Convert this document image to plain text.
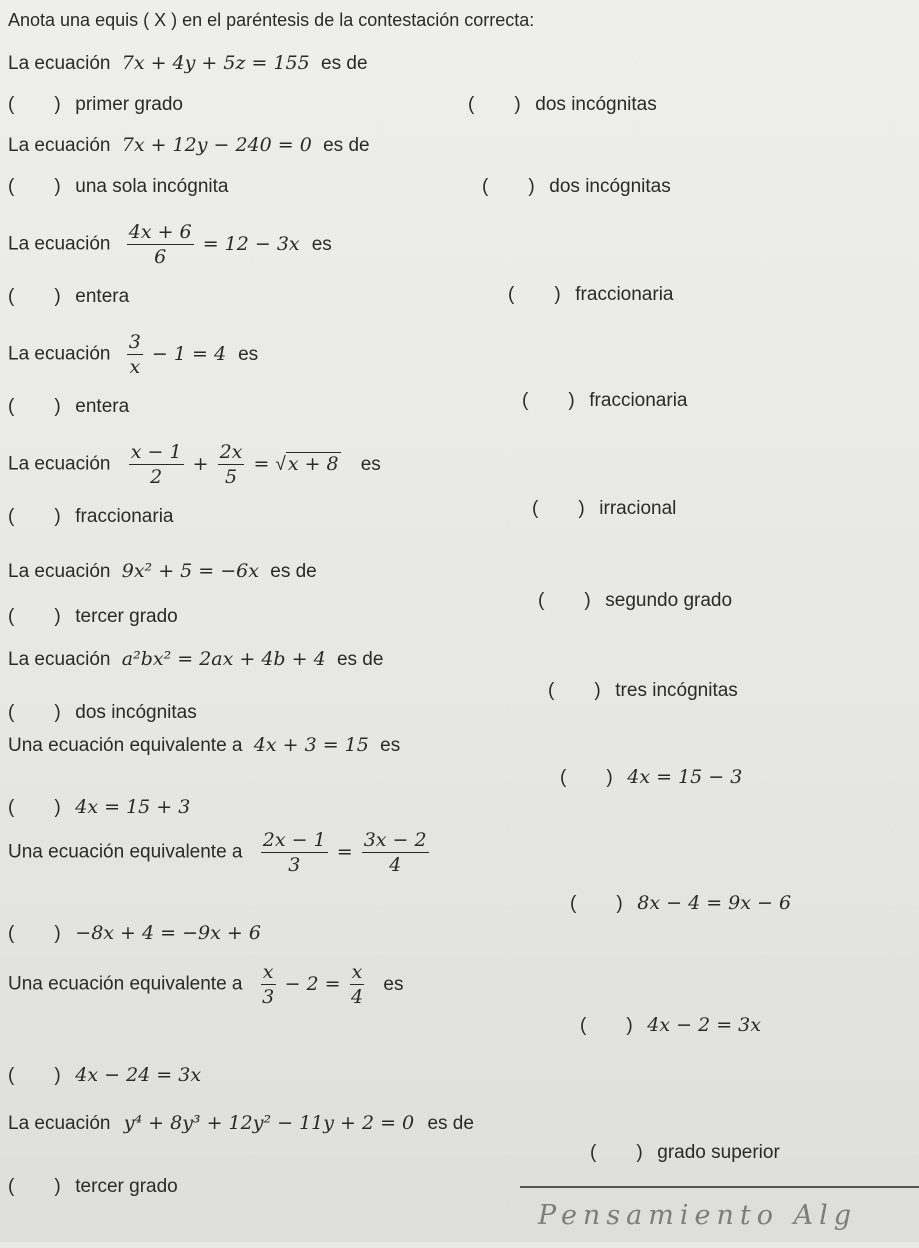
Anota una equis ( X ) en el paréntesis de la contestación correcta:
La ecuación 7x + 4y + 5z = 155 es de
( ) primer grado	( ) dos incógnitas
La ecuación 7x + 12y − 240 = 0 es de
( ) una sola incógnita	( ) dos incógnitas
La ecuación $\frac{4x + 6}{6} = 12 - 3x$ es
( ) entera	( ) fraccionaria
La ecuación $\frac{3}{x} - 1 = 4$ es
( ) entera	( ) fraccionaria
La ecuación $\frac{x - 1}{2} + \frac{2x}{5}$ = √ x + 8 es
( ) fraccionaria	( ) irracional
La ecuación 9x² + 5 = −6x es de
( ) tercer grado
( ) segundo grado
La ecuación a²bx² = 2ax + 4b + 4 es de
( ) dos incógnitas
( ) tres incógnitas
Una ecuación equivalente a 4x + 3 = 15 es
( ) 4x = 15 + 3
( ) 4x = 15 − 3
Una ecuación equivalente a $\frac{2x - 1}{3} = \frac{3x - 2}{4}$
( ) −8x + 4 = −9x + 6
( ) 8x − 4 = 9x − 6
Una ecuación equivalente a $\frac{x}{3} - 2 = \frac{x}{4}$ es
( ) 4x − 24 = 3x
( ) 4x − 2 = 3x
La ecuación y⁴ + 8y³ + 12y² − 11y + 2 = 0 es de
( ) tercer grado
( ) grado superior
Pensamiento Alg
